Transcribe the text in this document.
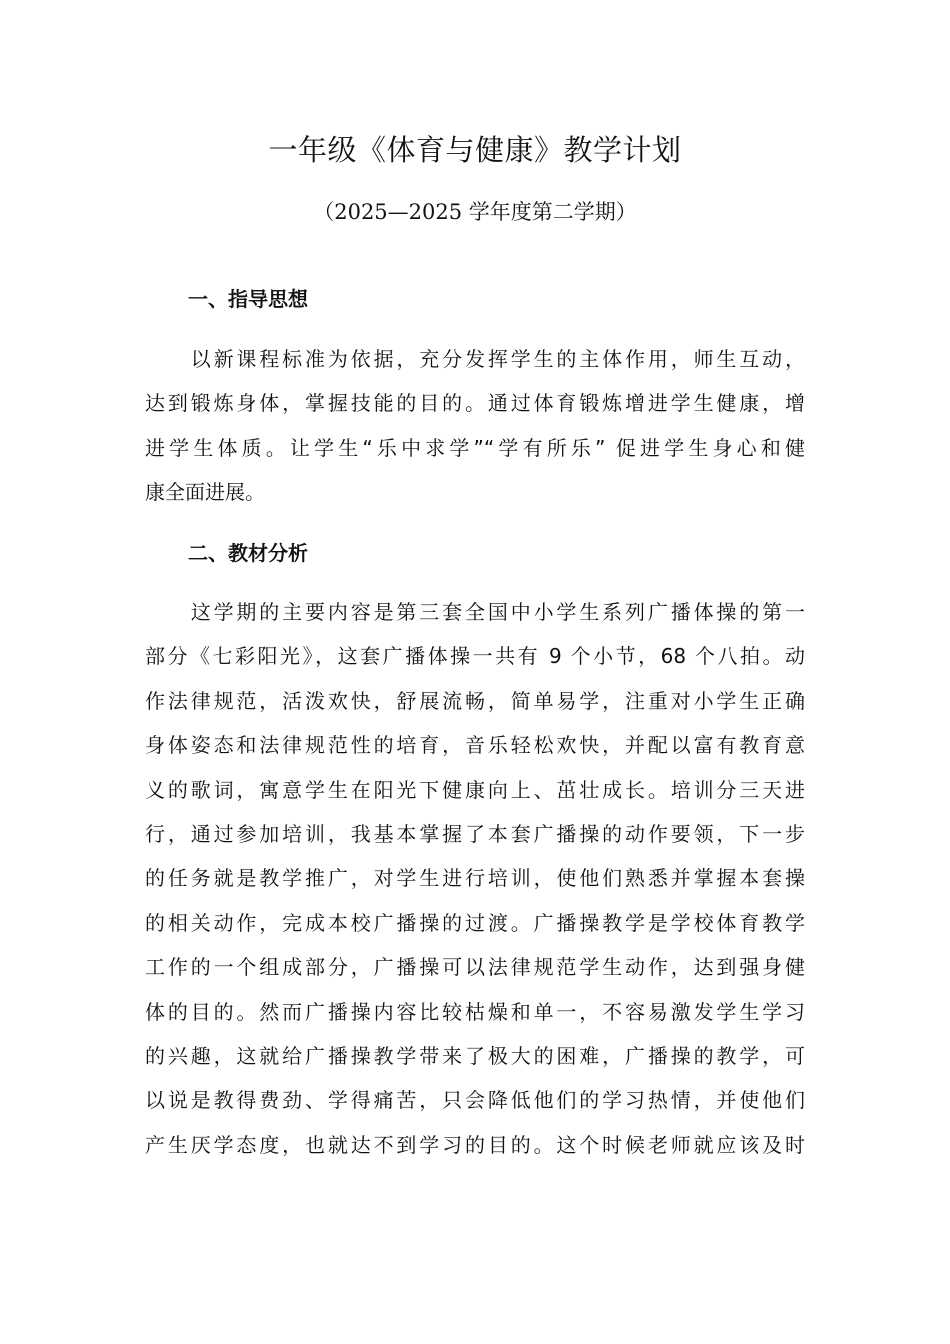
一年级《体育与健康》教学计划
（2025—2025 学年度第二学期）
一、指导思想
　　以新课程标准为依据，充分发挥学生的主体作用，师生互动，
达到锻炼身体，掌握技能的目的。通过体育锻炼增进学生健康，增
进学生体质。让学生“乐中求学”“学有所乐” 促进学生身心和健
康全面进展。
二、教材分析
　　这学期的主要内容是第三套全国中小学生系列广播体操的第一
部分《七彩阳光》，这套广播体操一共有 9 个小节，68 个八拍。动
作法律规范，活泼欢快，舒展流畅，简单易学，注重对小学生正确
身体姿态和法律规范性的培育，音乐轻松欢快，并配以富有教育意
义的歌词，寓意学生在阳光下健康向上、茁壮成长。培训分三天进
行，通过参加培训，我基本掌握了本套广播操的动作要领，下一步
的任务就是教学推广，对学生进行培训，使他们熟悉并掌握本套操
的相关动作，完成本校广播操的过渡。广播操教学是学校体育教学
工作的一个组成部分，广播操可以法律规范学生动作，达到强身健
体的目的。然而广播操内容比较枯燥和单一，不容易激发学生学习
的兴趣，这就给广播操教学带来了极大的困难，广播操的教学，可
以说是教得费劲、学得痛苦，只会降低他们的学习热情，并使他们
产生厌学态度，也就达不到学习的目的。这个时候老师就应该及时
